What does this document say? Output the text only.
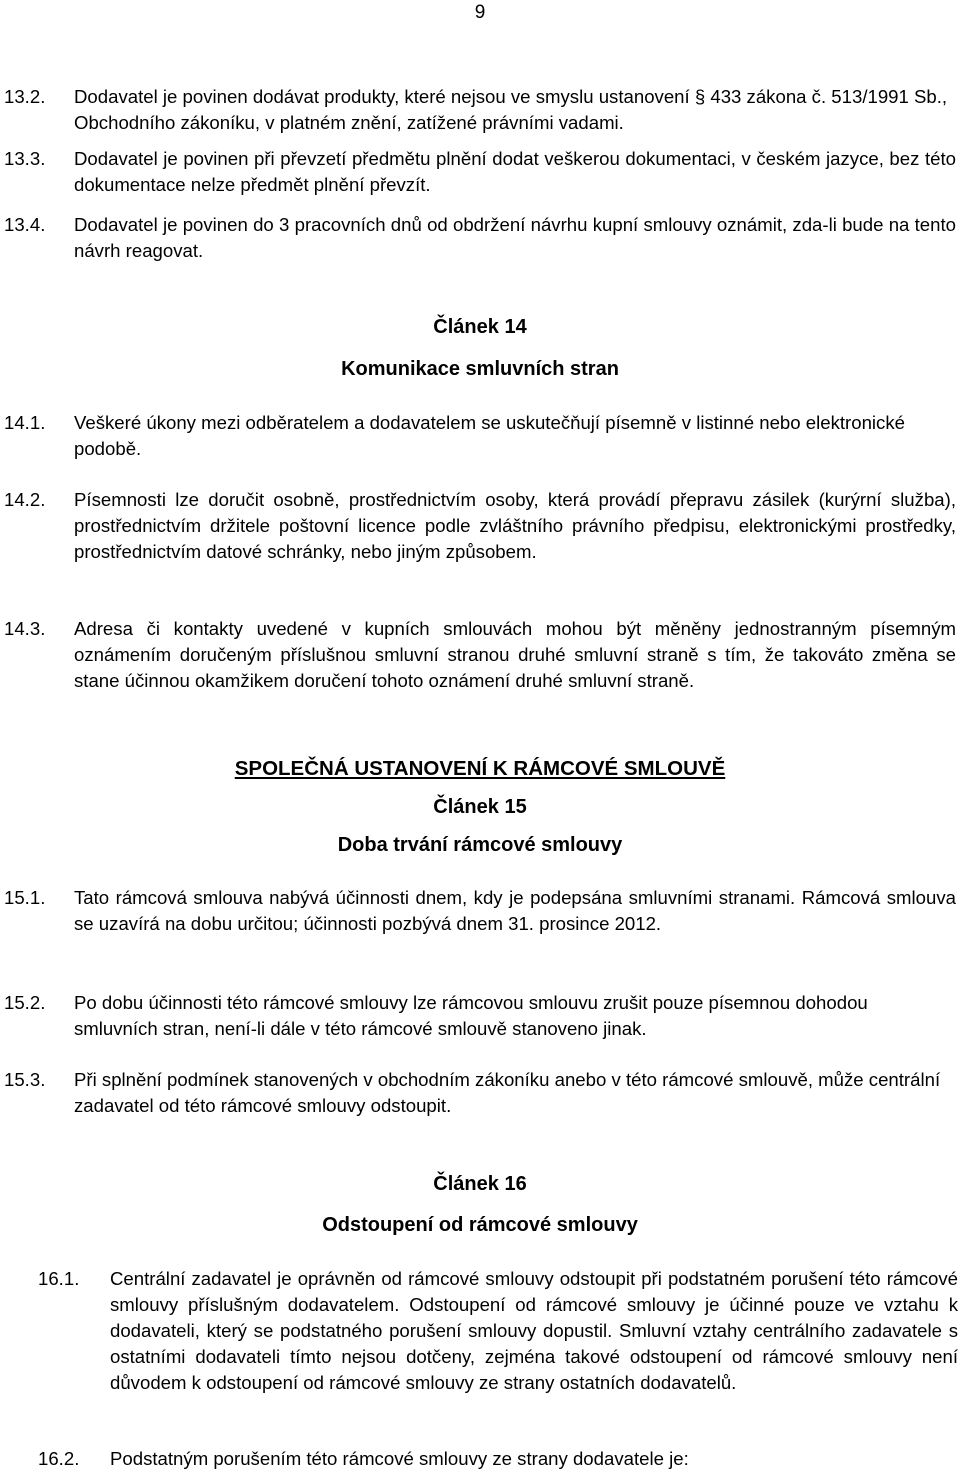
9
13.2. Dodavatel je povinen dodávat produkty, které nejsou ve smyslu ustanovení § 433 zákona č. 513/1991 Sb., Obchodního zákoníku, v platném znění, zatížené právními vadami.
13.3. Dodavatel je povinen při převzetí předmětu plnění dodat veškerou dokumentaci, v českém jazyce, bez této dokumentace nelze předmět plnění převzít.
13.4. Dodavatel je povinen do 3 pracovních dnů od obdržení návrhu kupní smlouvy oznámit, zda-li bude na tento návrh reagovat.
Článek 14
Komunikace smluvních stran
14.1. Veškeré úkony mezi odběratelem a dodavatelem se uskutečňují písemně v listinné nebo elektronické podobě.
14.2. Písemnosti lze doručit osobně, prostřednictvím osoby, která provádí přepravu zásilek (kurýrní služba), prostřednictvím držitele poštovní licence podle zvláštního právního předpisu, elektronickými prostředky, prostřednictvím datové schránky, nebo jiným způsobem.
14.3. Adresa či kontakty uvedené v kupních smlouvách mohou být měněny jednostranným písemným oznámením doručeným příslušnou smluvní stranou druhé smluvní straně s tím, že takováto změna se stane účinnou okamžikem doručení tohoto oznámení druhé smluvní straně.
SPOLEČNÁ USTANOVENÍ K RÁMCOVÉ SMLOUVĚ
Článek 15
Doba trvání rámcové smlouvy
15.1. Tato rámcová smlouva nabývá účinnosti dnem, kdy je podepsána smluvními stranami. Rámcová smlouva se uzavírá na dobu určitou; účinnosti pozbývá dnem 31. prosince 2012.
15.2. Po dobu účinnosti této rámcové smlouvy lze rámcovou smlouvu zrušit pouze písemnou dohodou smluvních stran, není-li dále v této rámcové smlouvě stanoveno jinak.
15.3. Při splnění podmínek stanovených v obchodním zákoníku anebo v této rámcové smlouvě, může centrální zadavatel od této rámcové smlouvy odstoupit.
Článek 16
Odstoupení od rámcové smlouvy
16.1. Centrální zadavatel je oprávněn od rámcové smlouvy odstoupit při podstatném porušení této rámcové smlouvy příslušným dodavatelem. Odstoupení od rámcové smlouvy je účinné pouze ve vztahu k dodavateli, který se podstatného porušení smlouvy dopustil. Smluvní vztahy centrálního zadavatele s ostatními dodavateli tímto nejsou dotčeny, zejména takové odstoupení od rámcové smlouvy není důvodem k odstoupení od rámcové smlouvy ze strany ostatních dodavatelů.
16.2. Podstatným porušením této rámcové smlouvy ze strany dodavatele je:
